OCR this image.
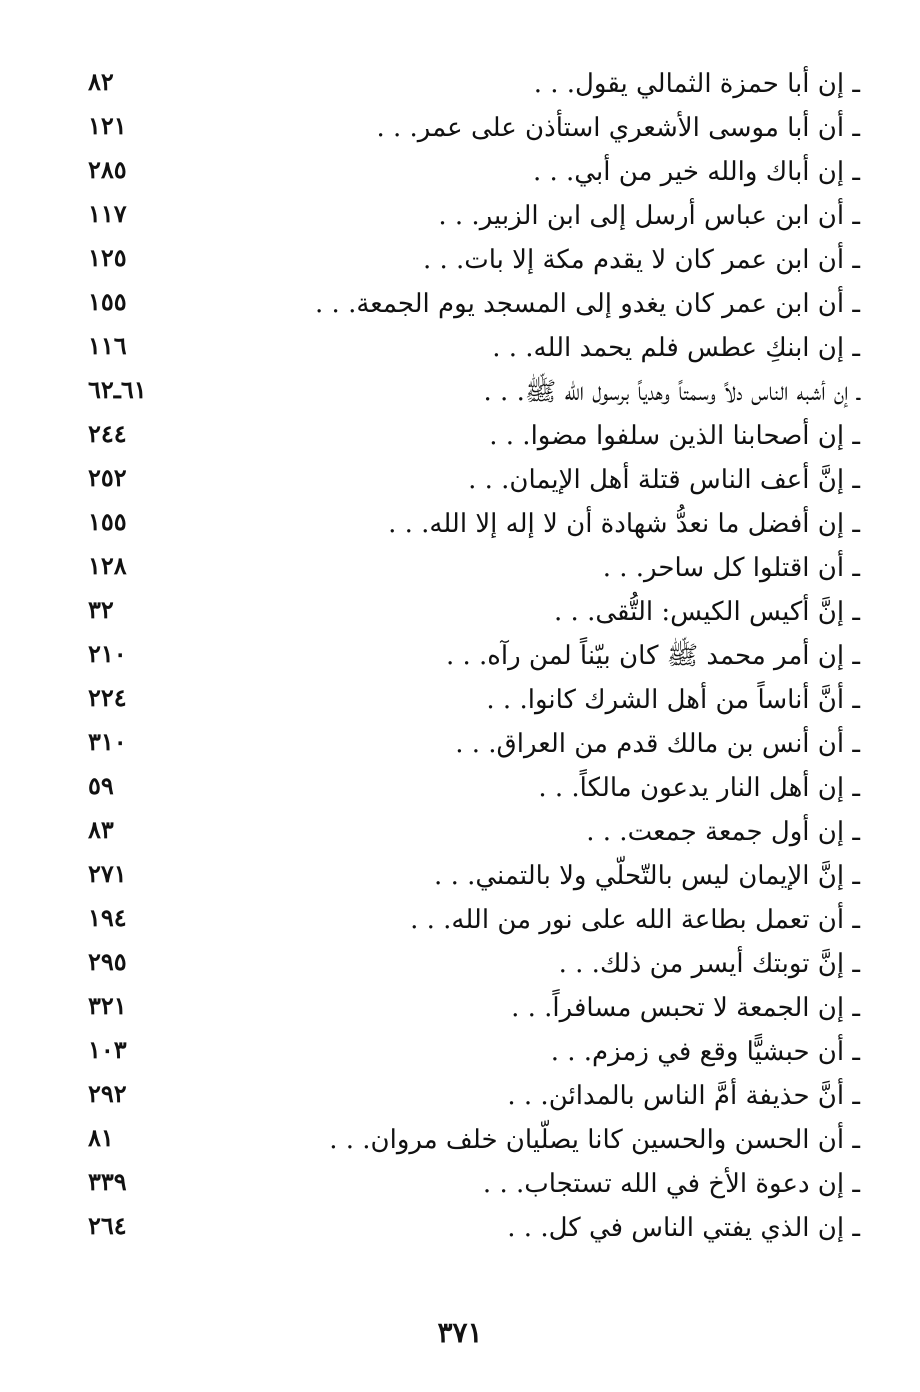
ـ إن أبا حمزة الثمالي يقول. . .
٨٢
ـ أن أبا موسى الأشعري استأذن على عمر. . .
١٢١
ـ إن أباك والله خير من أبي. . .
٢٨٥
ـ أن ابن عباس أرسل إلى ابن الزبير. . .
١١٧
ـ أن ابن عمر كان لا يقدم مكة إلا بات. . .
١٢٥
ـ أن ابن عمر كان يغدو إلى المسجد يوم الجمعة. . .
١٥٥
ـ إن ابنكِ عطس فلم يحمد الله. . .
١١٦
ـ إن أشبه الناس دلاً وسمتاً وهدياً برسول الله ﷺ. . .
٦١ـ٦٢
ـ إن أصحابنا الذين سلفوا مضوا. . .
٢٤٤
ـ إنَّ أعف الناس قتلة أهل الإيمان. . .
٢٥٢
ـ إن أفضل ما نعدُّ شهادة أن لا إله إلا الله. . .
١٥٥
ـ أن اقتلوا كل ساحر. . .
١٢٨
ـ إنَّ أكيس الكيس: التُّقى. . .
٣٢
ـ إن أمر محمد ﷺ كان بيّناً لمن رآه. . .
٢١٠
ـ أنَّ أناساً من أهل الشرك كانوا. . .
٢٢٤
ـ أن أنس بن مالك قدم من العراق. . .
٣١٠
ـ إن أهل النار يدعون مالكاً. . .
٥٩
ـ إن أول جمعة جمعت. . .
٨٣
ـ إنَّ الإيمان ليس بالتّحلّي ولا بالتمني. . .
٢٧١
ـ أن تعمل بطاعة الله على نور من الله. . .
١٩٤
ـ إنَّ توبتك أيسر من ذلك. . .
٢٩٥
ـ إن الجمعة لا تحبس مسافراً. . .
٣٢١
ـ أن حبشيًّا وقع في زمزم. . .
١٠٣
ـ أنَّ حذيفة أمَّ الناس بالمدائن. . .
٢٩٢
ـ أن الحسن والحسين كانا يصلّيان خلف مروان. . .
٨١
ـ إن دعوة الأخ في الله تستجاب. . .
٣٣٩
ـ إن الذي يفتي الناس في كل. . .
٢٦٤
٣٧١
